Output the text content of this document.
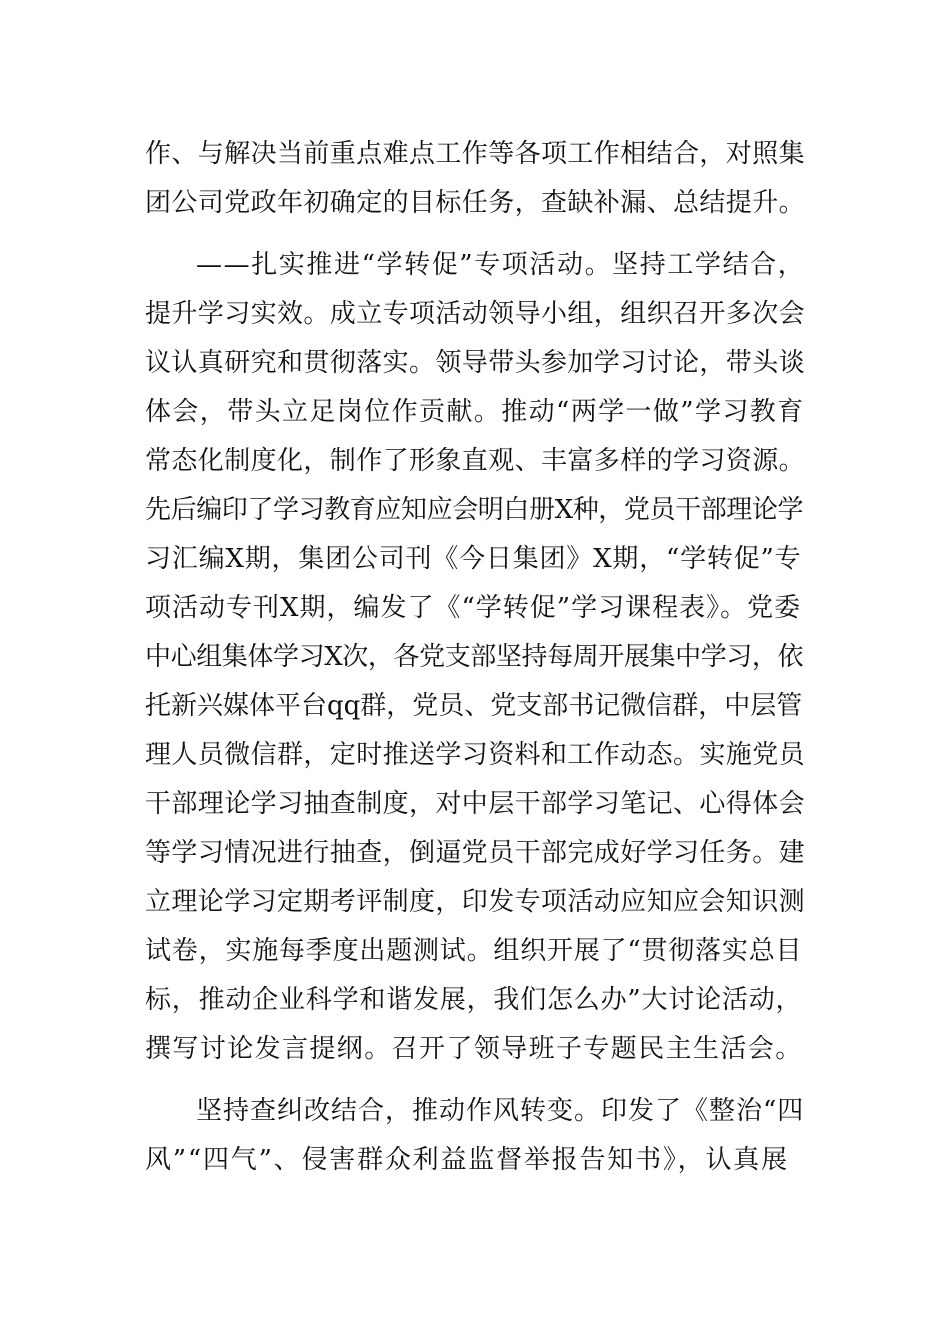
作、与解决当前重点难点工作等各项工作相结合，对照集
团公司党政年初确定的目标任务，查缺补漏、总结提升。
——扎实推进“学转促”专项活动。坚持工学结合，
提升学习实效。成立专项活动领导小组，组织召开多次会
议认真研究和贯彻落实。领导带头参加学习讨论，带头谈
体会，带头立足岗位作贡献。推动“两学一做”学习教育
常态化制度化，制作了形象直观、丰富多样的学习资源。
先后编印了学习教育应知应会明白册X种，党员干部理论学
习汇编X期，集团公司刊《今日集团》X期，“学转促”专
项活动专刊X期，编发了《“学转促”学习课程表》。党委
中心组集体学习X次，各党支部坚持每周开展集中学习，依
托新兴媒体平台qq群，党员、党支部书记微信群，中层管
理人员微信群，定时推送学习资料和工作动态。实施党员
干部理论学习抽查制度，对中层干部学习笔记、心得体会
等学习情况进行抽查，倒逼党员干部完成好学习任务。建
立理论学习定期考评制度，印发专项活动应知应会知识测
试卷，实施每季度出题测试。组织开展了“贯彻落实总目
标，推动企业科学和谐发展，我们怎么办”大讨论活动，
撰写讨论发言提纲。召开了领导班子专题民主生活会。
坚持查纠改结合，推动作风转变。印发了《整治“四
风”“四气”、侵害群众利益监督举报告知书》，认真展
